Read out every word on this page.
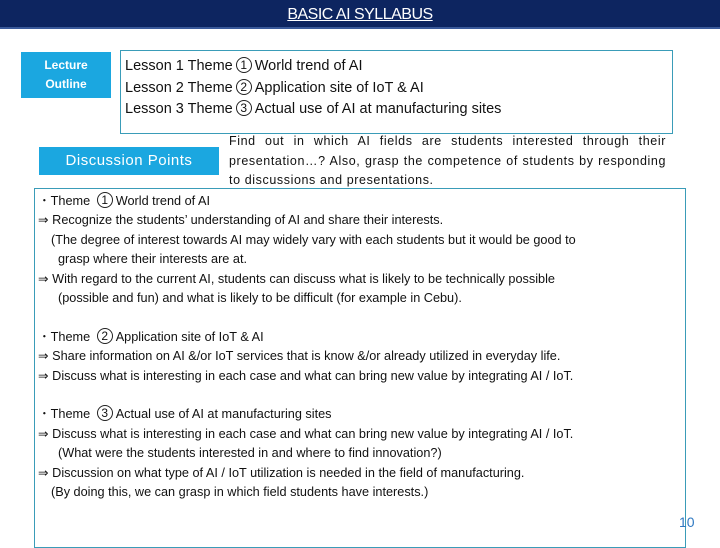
BASIC AI SYLLABUS
Lecture
Outline
Lesson 1 Theme 1 World trend of AI
Lesson 2 Theme 2 Application site of IoT & AI
Lesson 3 Theme 3 Actual use of AI at manufacturing sites
Discussion Points
Find out in which AI fields are students interested through their presentation…? Also, grasp the competence of students by responding to discussions and presentations.

・Theme 1 World trend of AI

⇒ Recognize the students’ understanding of AI and share their interests.

(The degree of interest towards AI may widely vary with each students but it would be good to

grasp where their interests are at.

⇒ With regard to the current AI, students can discuss what is likely to be technically possible

(possible and fun) and what is likely to be difficult (for example in Cebu).

・Theme 2 Application site of IoT & AI

⇒ Share information on AI &/or IoT services that is know &/or already utilized in everyday life.

⇒ Discuss what is interesting in each case and what can bring new value by integrating AI / IoT.

・Theme 3 Actual use of AI at manufacturing sites

⇒ Discuss what is interesting in each case and what can bring new value by integrating AI / IoT.

(What were the students interested in and where to find innovation?)

⇒ Discussion on what type of AI / IoT utilization is needed in the field of manufacturing.

(By doing this, we can grasp in which field students have interests.)

10
